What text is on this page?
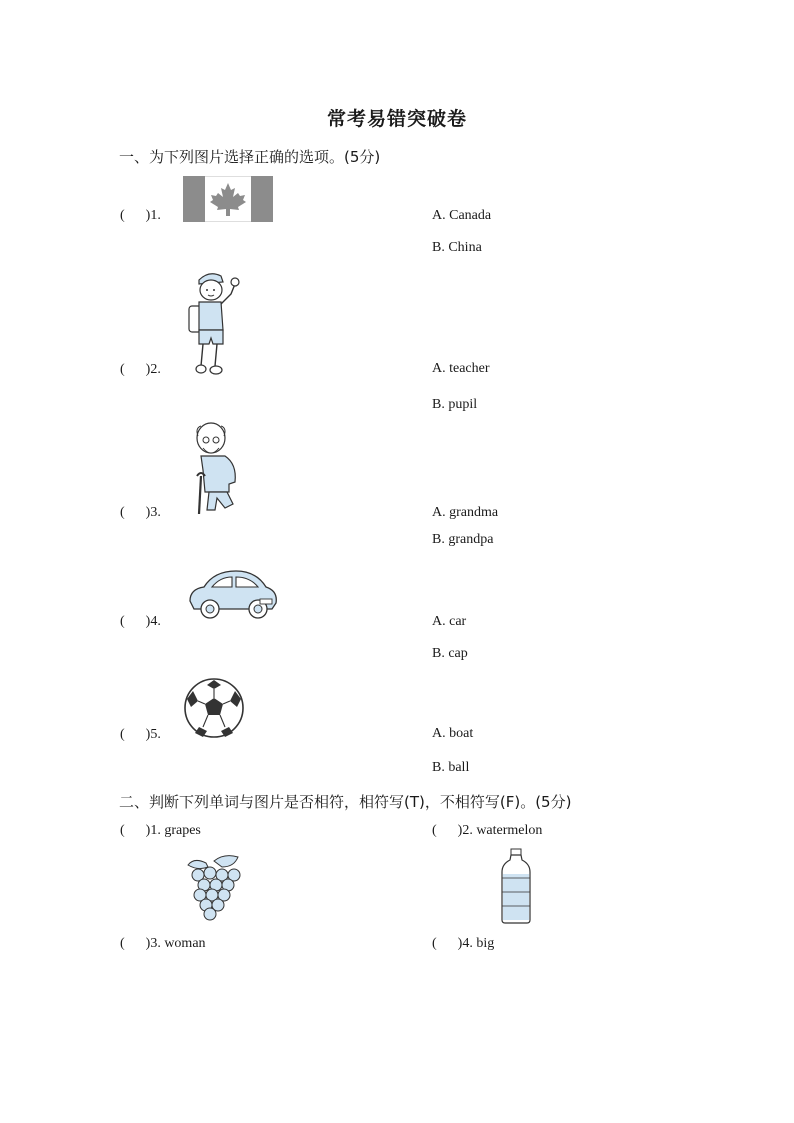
常考易错突破卷
一、为下列图片选择正确的选项。(5分)
(      )1.	A. Canada
B. China
(      )2.	A. teacher
B. pupil
(      )3.	A. grandma
B. grandpa
(      )4.	A. car
B. cap
(      )5.	A. boat
B. ball
二、判断下列单词与图片是否相符，相符写(T)，不相符写(F)。(5分)
(      )1. grapes	(      )2. watermelon
(      )3. woman	(      )4. big
